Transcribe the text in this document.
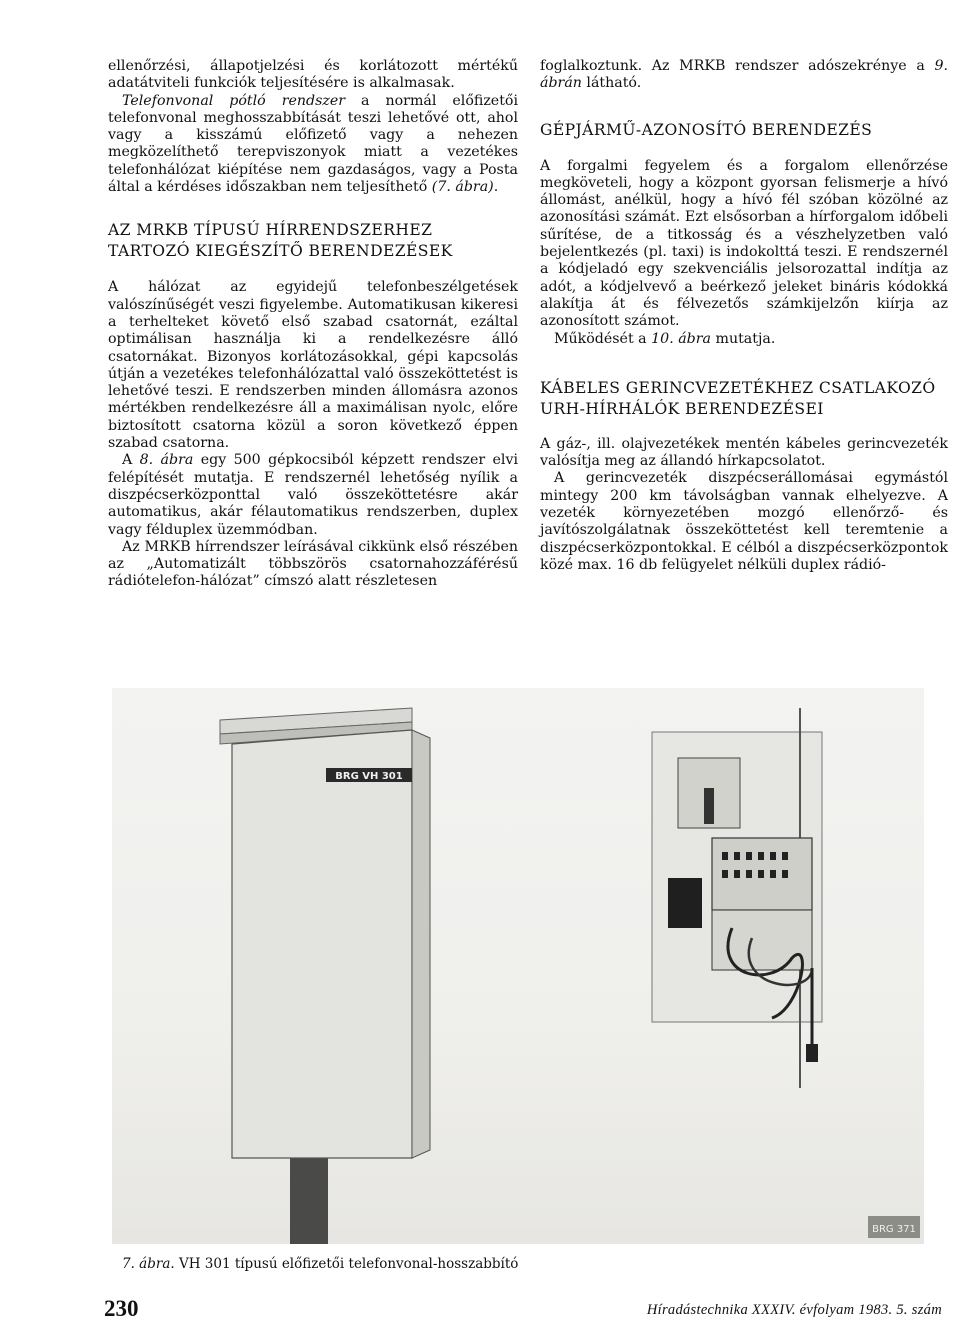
ellenőrzési, állapotjelzési és korlátozott mértékű adatátviteli funkciók teljesítésére is alkalmasak.

Telefonvonal pótló rendszer a normál előfizetői telefonvonal meghosszabbítását teszi lehetővé ott, ahol vagy a kisszámú előfizető vagy a nehezen megközelíthető terepviszonyok miatt a vezetékes telefonhálózat kiépítése nem gazdaságos, vagy a Posta által a kérdéses időszakban nem teljesíthető (7. ábra).

AZ MRKB TÍPUSÚ HÍRRENDSZERHEZ TARTOZÓ KIEGÉSZÍTŐ BERENDEZÉSEK

A hálózat az egyidejű telefonbeszélgetések valószínűségét veszi figyelembe. Automatikusan kikeresi a terhelteket követő első szabad csatornát, ezáltal optimálisan használja ki a rendelkezésre álló csatornákat. Bizonyos korlátozásokkal, gépi kapcsolás útján a vezetékes telefonhálózattal való összeköttetést is lehetővé teszi. E rendszerben minden állomásra azonos mértékben rendelkezésre áll a maximálisan nyolc, előre biztosított csatorna közül a soron következő éppen szabad csatorna.

A 8. ábra egy 500 gépkocsiból képzett rendszer elvi felépítését mutatja. E rendszernél lehetőség nyílik a diszpécserközponttal való összeköttetésre akár automatikus, akár félautomatikus rendszerben, duplex vagy félduplex üzemmódban.

Az MRKB hírrendszer leírásával cikkünk első részében az „Automatizált többszörös csatornahozzáférésű rádiótelefon-hálózat” címszó alatt részletesen

foglalkoztunk. Az MRKB rendszer adószekrénye a 9. ábrán látható.

GÉPJÁRMŰ-AZONOSÍTÓ BERENDEZÉS

A forgalmi fegyelem és a forgalom ellenőrzése megköveteli, hogy a központ gyorsan felismerje a hívó állomást, anélkül, hogy a hívó fél szóban közölné az azonosítási számát. Ezt elsősorban a hírforgalom időbeli sűrítése, de a titkosság és a vészhelyzetben való bejelentkezés (pl. taxi) is indokolttá teszi. E rendszernél a kódjeladó egy szekvenciális jelsorozattal indítja az adót, a kódjelvevő a beérkező jeleket bináris kódokká alakítja át és félvezetős számkijelzőn kiírja az azonosított számot.

Működését a 10. ábra mutatja.

KÁBELES GERINCVEZETÉKHEZ CSATLAKOZÓ URH-HÍRHÁLÓK BERENDEZÉSEI

A gáz-, ill. olajvezetékek mentén kábeles gerincvezeték valósítja meg az állandó hírkapcsolatot.

A gerincvezeték diszpécserállomásai egymástól mintegy 200 km távolságban vannak elhelyezve. A vezeték környezetében mozgó ellenőrző- és javítószolgálatnak összeköttetést kell teremtenie a diszpécserközpontokkal. E célból a diszpécserközpontok közé max. 16 db felügyelet nélküli duplex rádió-

BRG VH 301
BRG 371
7. ábra. VH 301 típusú előfizetői telefonvonal-hosszabbító
230	Híradástechnika XXXIV. évfolyam 1983. 5. szám
